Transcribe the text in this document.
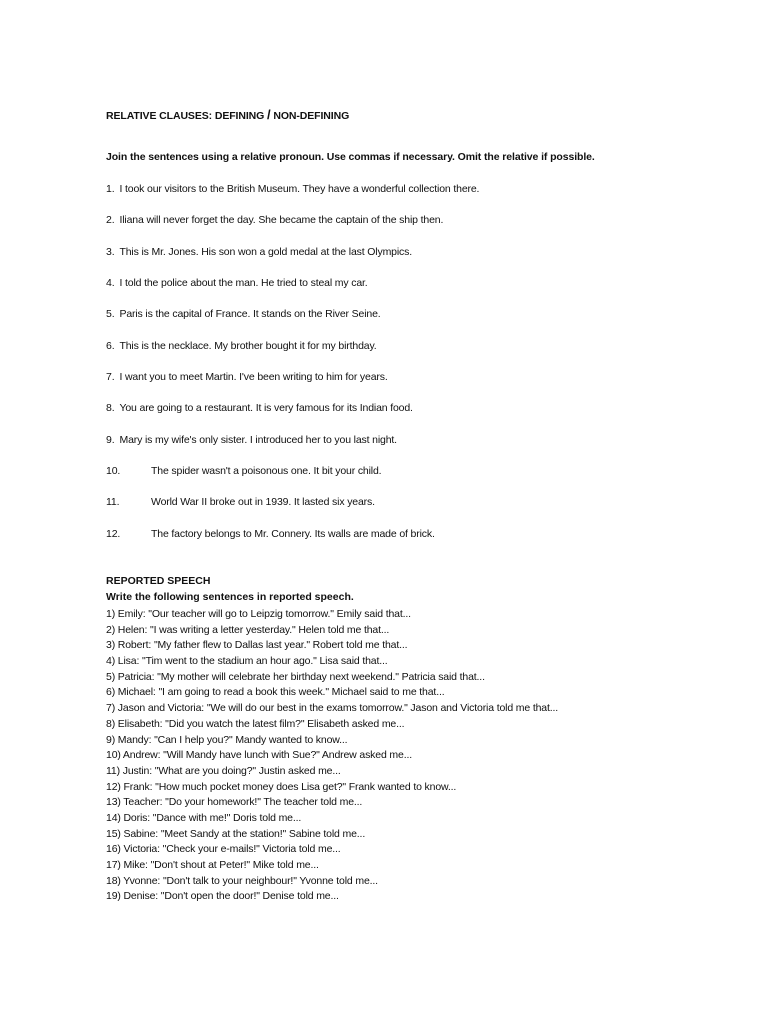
RELATIVE CLAUSES: DEFINING / NON-DEFINING
Join the sentences using a relative pronoun. Use commas if necessary. Omit the relative if possible.
1. I took our visitors to the British Museum. They have a wonderful collection there.
2. Iliana will never forget the day. She became the captain of the ship then.
3. This is Mr. Jones. His son won a gold medal at the last Olympics.
4. I told the police about the man. He tried to steal my car.
5. Paris is the capital of France. It stands on the River Seine.
6. This is the necklace. My brother bought it for my birthday.
7. I want you to meet Martin. I've been writing to him for years.
8. You are going to a restaurant. It is very famous for its Indian food.
9. Mary is my wife's only sister. I introduced her to you last night.
10.	The spider wasn't a poisonous one. It bit your child.
11.	World War II broke out in 1939. It lasted six years.
12.	The factory belongs to Mr. Connery. Its walls are made of brick.
REPORTED SPEECH
Write the following sentences in reported speech.
1) Emily: "Our teacher will go to Leipzig tomorrow." Emily said that...
2) Helen: "I was writing a letter yesterday." Helen told me that...
3) Robert: "My father flew to Dallas last year." Robert told me that...
4) Lisa: "Tim went to the stadium an hour ago." Lisa said that...
5) Patricia: "My mother will celebrate her birthday next weekend." Patricia said that...
6) Michael: "I am going to read a book this week." Michael said to me that...
7) Jason and Victoria: "We will do our best in the exams tomorrow." Jason and Victoria told me that...
8) Elisabeth: "Did you watch the latest film?" Elisabeth asked me...
9) Mandy: "Can I help you?" Mandy wanted to know...
10) Andrew: "Will Mandy have lunch with Sue?" Andrew asked me...
11) Justin: "What are you doing?" Justin asked me...
12) Frank: "How much pocket money does Lisa get?" Frank wanted to know...
13) Teacher: "Do your homework!" The teacher told me...
14) Doris: "Dance with me!" Doris told me...
15) Sabine: "Meet Sandy at the station!" Sabine told me...
16) Victoria: "Check your e-mails!" Victoria told me...
17) Mike: "Don't shout at Peter!" Mike told me...
18) Yvonne: "Don't talk to your neighbour!" Yvonne told me...
19) Denise: "Don't open the door!" Denise told me...
